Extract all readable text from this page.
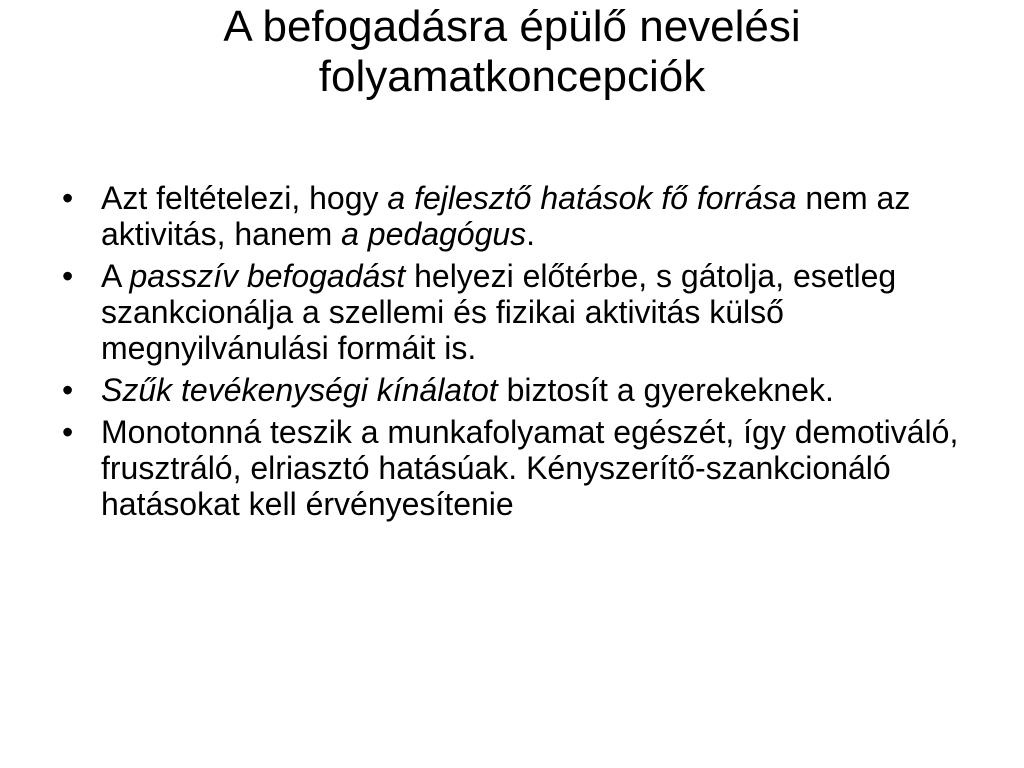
A befogadásra épülő nevelési
folyamatkoncepciók
• Azt feltételezi, hogy a fejlesztő hatások fő forrása nem az aktivitás, hanem a pedagógus.
• A passzív befogadást helyezi előtérbe, s gátolja, esetleg szankcionálja a szellemi és fizikai aktivitás külső megnyilvánulási formáit is.
• Szűk tevékenységi kínálatot biztosít a gyerekeknek.
• Monotonná teszik a munkafolyamat egészét, így demotiváló, frusztráló, elriasztó hatásúak. Kényszerítő-szankcionáló hatásokat kell érvényesítenie
